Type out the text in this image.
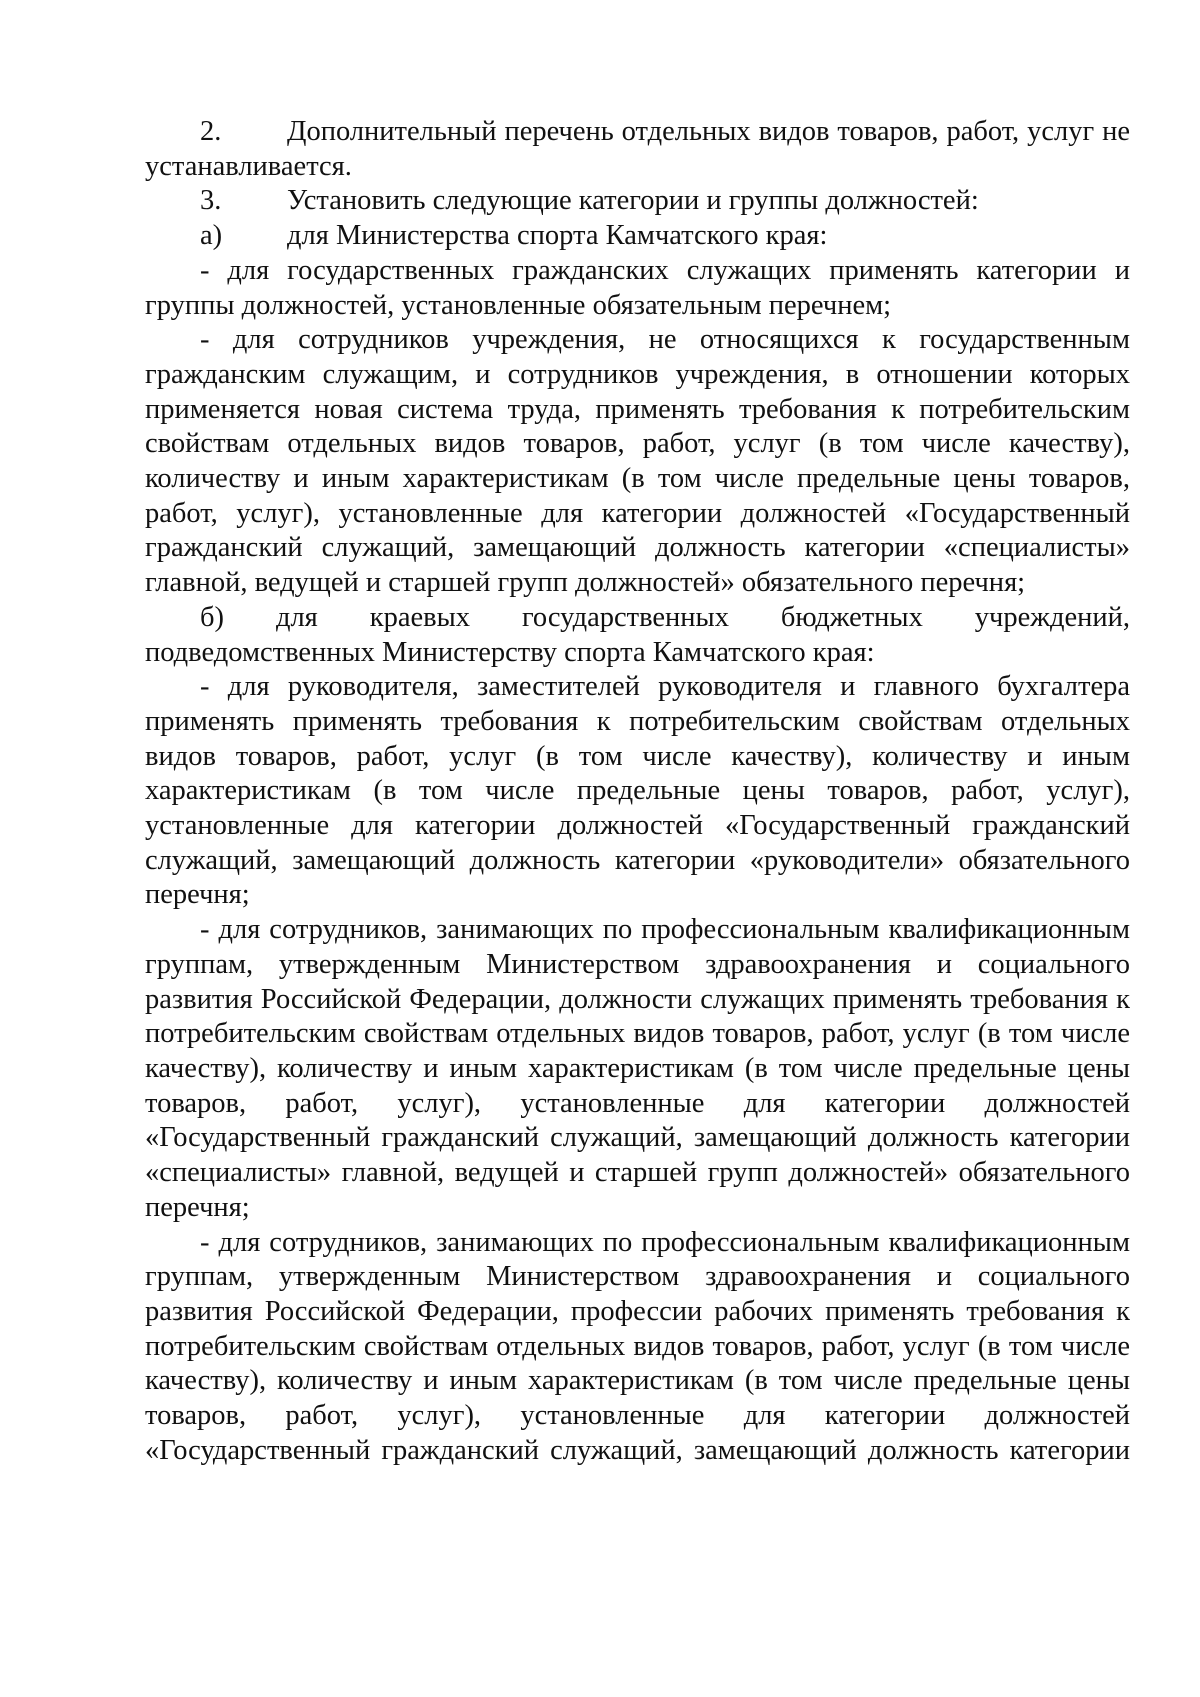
2. Дополнительный перечень отдельных видов товаров, работ, услуг не устанавливается.

3. Установить следующие категории и группы должностей:

а) для Министерства спорта Камчатского края:

- для государственных гражданских служащих применять категории и группы должностей, установленные обязательным перечнем;

- для сотрудников учреждения, не относящихся к государственным гражданским служащим, и сотрудников учреждения, в отношении которых применяется новая система труда, применять требования к потребительским свойствам отдельных видов товаров, работ, услуг (в том числе качеству), количеству и иным характеристикам (в том числе предельные цены товаров, работ, услуг), установленные для категории должностей «Государственный гражданский служащий, замещающий должность категории «специалисты» главной, ведущей и старшей групп должностей» обязательного перечня;

б) для краевых государственных бюджетных учреждений, подведомственных Министерству спорта Камчатского края:

- для руководителя, заместителей руководителя и главного бухгалтера применять применять требования к потребительским свойствам отдельных видов товаров, работ, услуг (в том числе качеству), количеству и иным характеристикам (в том числе предельные цены товаров, работ, услуг), установленные для категории должностей «Государственный гражданский служащий, замещающий должность категории «руководители» обязательного перечня;

- для сотрудников, занимающих по профессиональным квалификационным группам, утвержденным Министерством здравоохранения и социального развития Российской Федерации, должности служащих применять требования к потребительским свойствам отдельных видов товаров, работ, услуг (в том числе качеству), количеству и иным характеристикам (в том числе предельные цены товаров, работ, услуг), установленные для категории должностей «Государственный гражданский служащий, замещающий должность категории «специалисты» главной, ведущей и старшей групп должностей» обязательного перечня;

- для сотрудников, занимающих по профессиональным квалификационным группам, утвержденным Министерством здравоохранения и социального развития Российской Федерации, профессии рабочих применять требования к потребительским свойствам отдельных видов товаров, работ, услуг (в том числе качеству), количеству и иным характеристикам (в том числе предельные цены товаров, работ, услуг), установленные для категории должностей «Государственный гражданский служащий, замещающий должность категории
